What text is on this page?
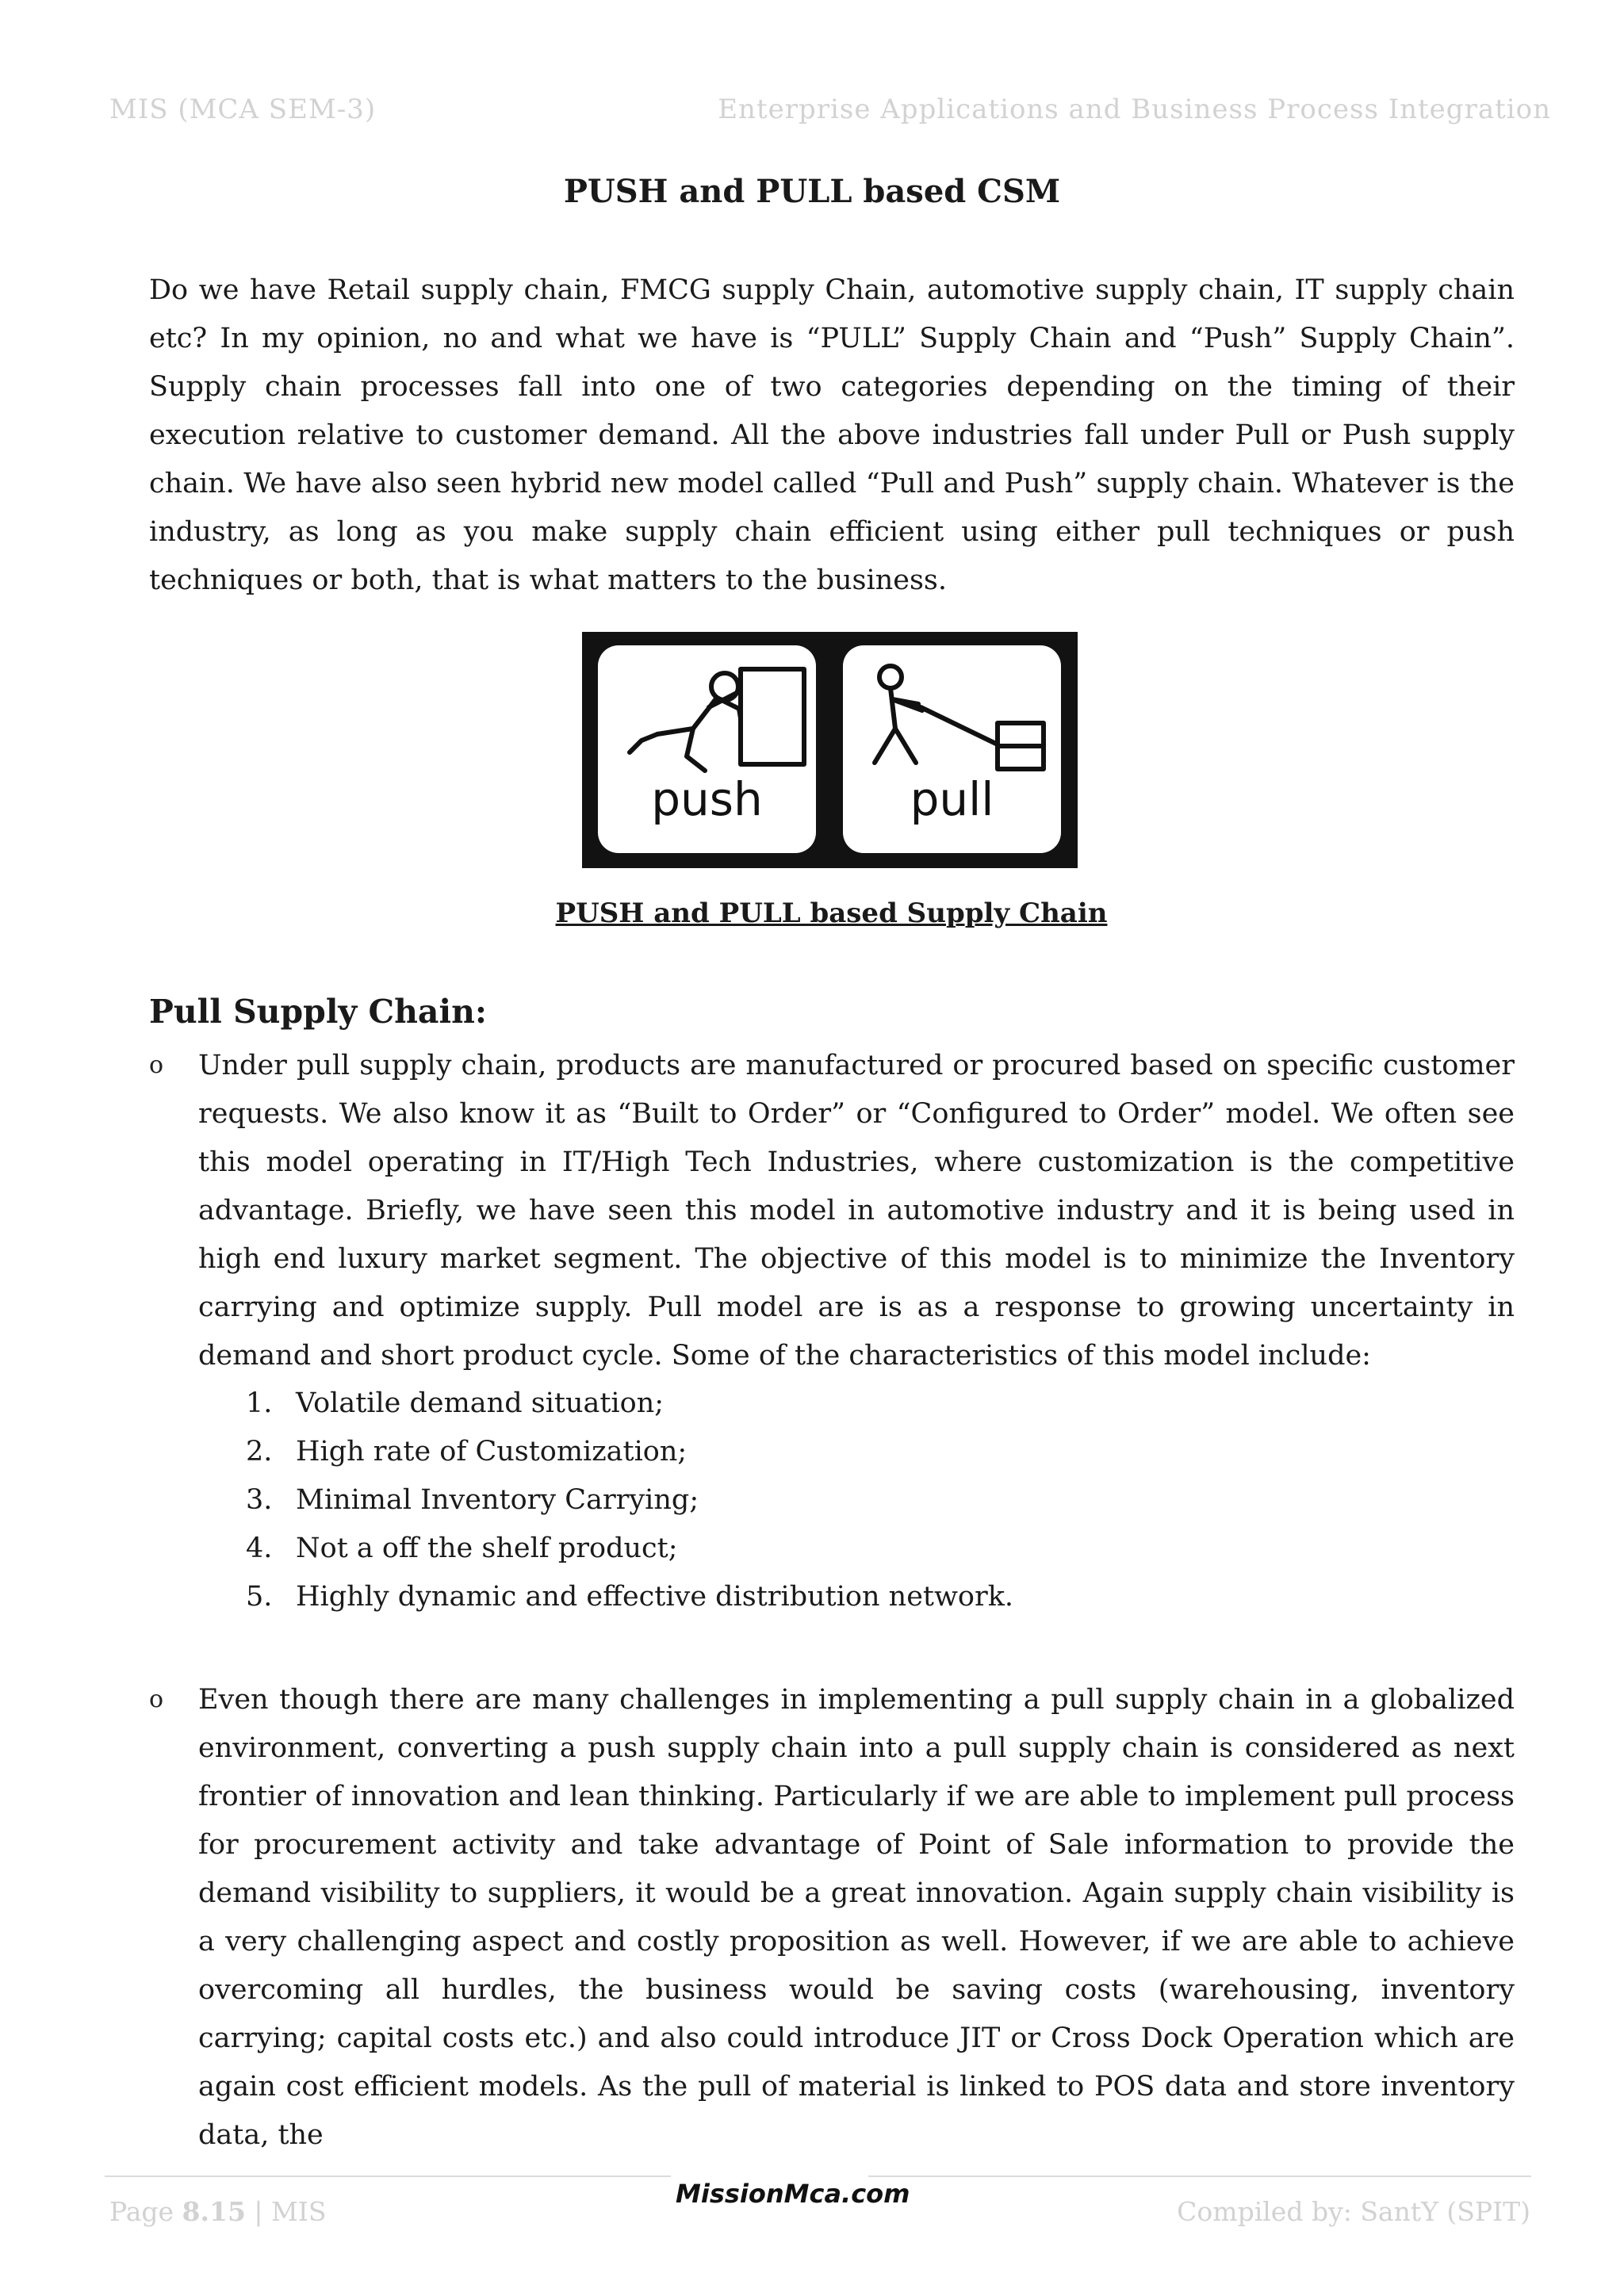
MIS (MCA SEM-3)	Enterprise Applications and Business Process Integration
PUSH and PULL based CSM
Do we have Retail supply chain, FMCG supply Chain, automotive supply chain, IT supply chain etc? In my opinion, no and what we have is “PULL” Supply Chain and “Push” Supply Chain”. Supply chain processes fall into one of two categories depending on the timing of their execution relative to customer demand. All the above industries fall under Pull or Push supply chain. We have also seen hybrid new model called “Pull and Push” supply chain. Whatever is the industry, as long as you make supply chain efficient using either pull techniques or push techniques or both, that is what matters to the business.
push	pull
PUSH and PULL based Supply Chain
Pull Supply Chain:
o Under pull supply chain, products are manufactured or procured based on specific customer requests. We also know it as “Built to Order” or “Configured to Order” model. We often see this model operating in IT/High Tech Industries, where customization is the competitive advantage. Briefly, we have seen this model in automotive industry and it is being used in high end luxury market segment. The objective of this model is to minimize the Inventory carrying and optimize supply. Pull model are is as a response to growing uncertainty in demand and short product cycle. Some of the characteristics of this model include:
1. Volatile demand situation;
2. High rate of Customization;
3. Minimal Inventory Carrying;
4. Not a off the shelf product;
5. Highly dynamic and effective distribution network.
o Even though there are many challenges in implementing a pull supply chain in a globalized environment, converting a push supply chain into a pull supply chain is considered as next frontier of innovation and lean thinking. Particularly if we are able to implement pull process for procurement activity and take advantage of Point of Sale information to provide the demand visibility to suppliers, it would be a great innovation. Again supply chain visibility is a very challenging aspect and costly proposition as well. However, if we are able to achieve overcoming all hurdles, the business would be saving costs (warehousing, inventory carrying; capital costs etc.) and also could introduce JIT or Cross Dock Operation which are again cost efficient models. As the pull of material is linked to POS data and store inventory data, the
MissionMca.com
Page 8.15 | MIS	Compiled by: SantY (SPIT)
